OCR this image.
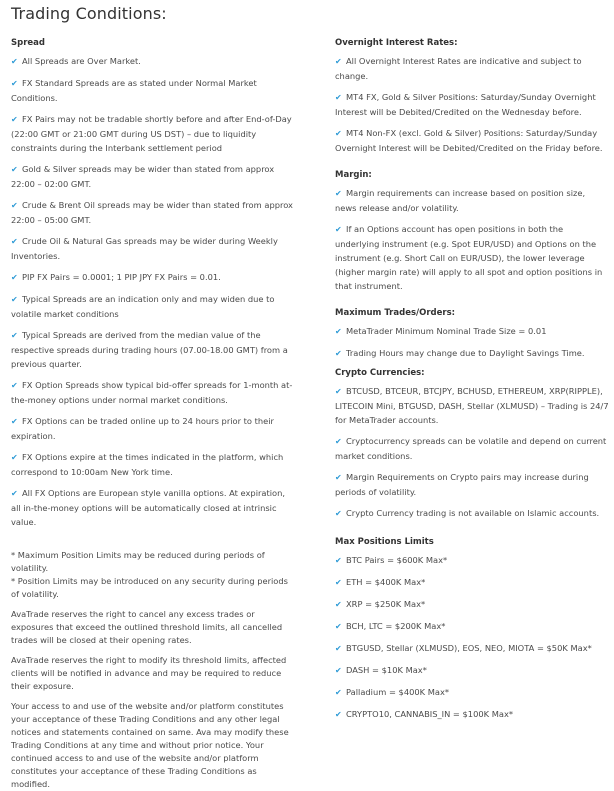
Trading Conditions:
Spread
✔ All Spreads are Over Market.
✔ FX Standard Spreads are as stated under Normal Market Conditions.
✔ FX Pairs may not be tradable shortly before and after End-of-Day (22:00 GMT or 21:00 GMT during US DST) – due to liquidity constraints during the Interbank settlement period
✔ Gold & Silver spreads may be wider than stated from approx 22:00 – 02:00 GMT.
✔ Crude & Brent Oil spreads may be wider than stated from approx 22:00 – 05:00 GMT.
✔ Crude Oil & Natural Gas spreads may be wider during Weekly Inventories.
✔ PIP FX Pairs = 0.0001; 1 PIP JPY FX Pairs = 0.01.
✔ Typical Spreads are an indication only and may widen due to volatile market conditions
✔ Typical Spreads are derived from the median value of the respective spreads during trading hours (07.00-18.00 GMT) from a previous quarter.
✔ FX Option Spreads show typical bid-offer spreads for 1-month at-the-money options under normal market conditions.
✔ FX Options can be traded online up to 24 hours prior to their expiration.
✔ FX Options expire at the times indicated in the platform, which correspond to 10:00am New York time.
✔ All FX Options are European style vanilla options. At expiration, all in-the-money options will be automatically closed at intrinsic value.

* Maximum Position Limits may be reduced during periods of volatility.

* Position Limits may be introduced on any security during periods of volatility.

AvaTrade reserves the right to cancel any excess trades or exposures that exceed the outlined threshold limits, all cancelled trades will be closed at their opening rates.

AvaTrade reserves the right to modify its threshold limits, affected clients will be notified in advance and may be required to reduce their exposure.

Your access to and use of the website and/or platform constitutes your acceptance of these Trading Conditions and any other legal notices and statements contained on same. Ava may modify these Trading Conditions at any time and without prior notice. Your continued access to and use of the website and/or platform constitutes your acceptance of these Trading Conditions as modified.

Overnight Interest Rates:
✔ All Overnight Interest Rates are indicative and subject to change.
✔ MT4 FX, Gold & Silver Positions: Saturday/Sunday Overnight Interest will be Debited/Credited on the Wednesday before.
✔ MT4 Non-FX (excl. Gold & Silver) Positions: Saturday/Sunday Overnight Interest will be Debited/Credited on the Friday before.
Margin:
✔ Margin requirements can increase based on position size, news release and/or volatility.
✔ If an Options account has open positions in both the underlying instrument (e.g. Spot EUR/USD) and Options on the instrument (e.g. Short Call on EUR/USD), the lower leverage (higher margin rate) will apply to all spot and option positions in that instrument.
Maximum Trades/Orders:
✔ MetaTrader Minimum Nominal Trade Size = 0.01
✔ Trading Hours may change due to Daylight Savings Time.
Crypto Currencies:
✔ BTCUSD, BTCEUR, BTCJPY, BCHUSD, ETHEREUM, XRP(RIPPLE), LITECOIN Mini, BTGUSD, DASH, Stellar (XLMUSD) – Trading is 24/7 for MetaTrader accounts.
✔ Cryptocurrency spreads can be volatile and depend on current market conditions.
✔ Margin Requirements on Crypto pairs may increase during periods of volatility.
✔ Crypto Currency trading is not available on Islamic accounts.
Max Positions Limits
✔ BTC Pairs = $600K Max*
✔ ETH = $400K Max*
✔ XRP = $250K Max*
✔ BCH, LTC = $200K Max*
✔ BTGUSD, Stellar (XLMUSD), EOS, NEO, MIOTA = $50K Max*
✔ DASH = $10K Max*
✔ Palladium = $400K Max*
✔ CRYPTO10, CANNABIS_IN = $100K Max*
